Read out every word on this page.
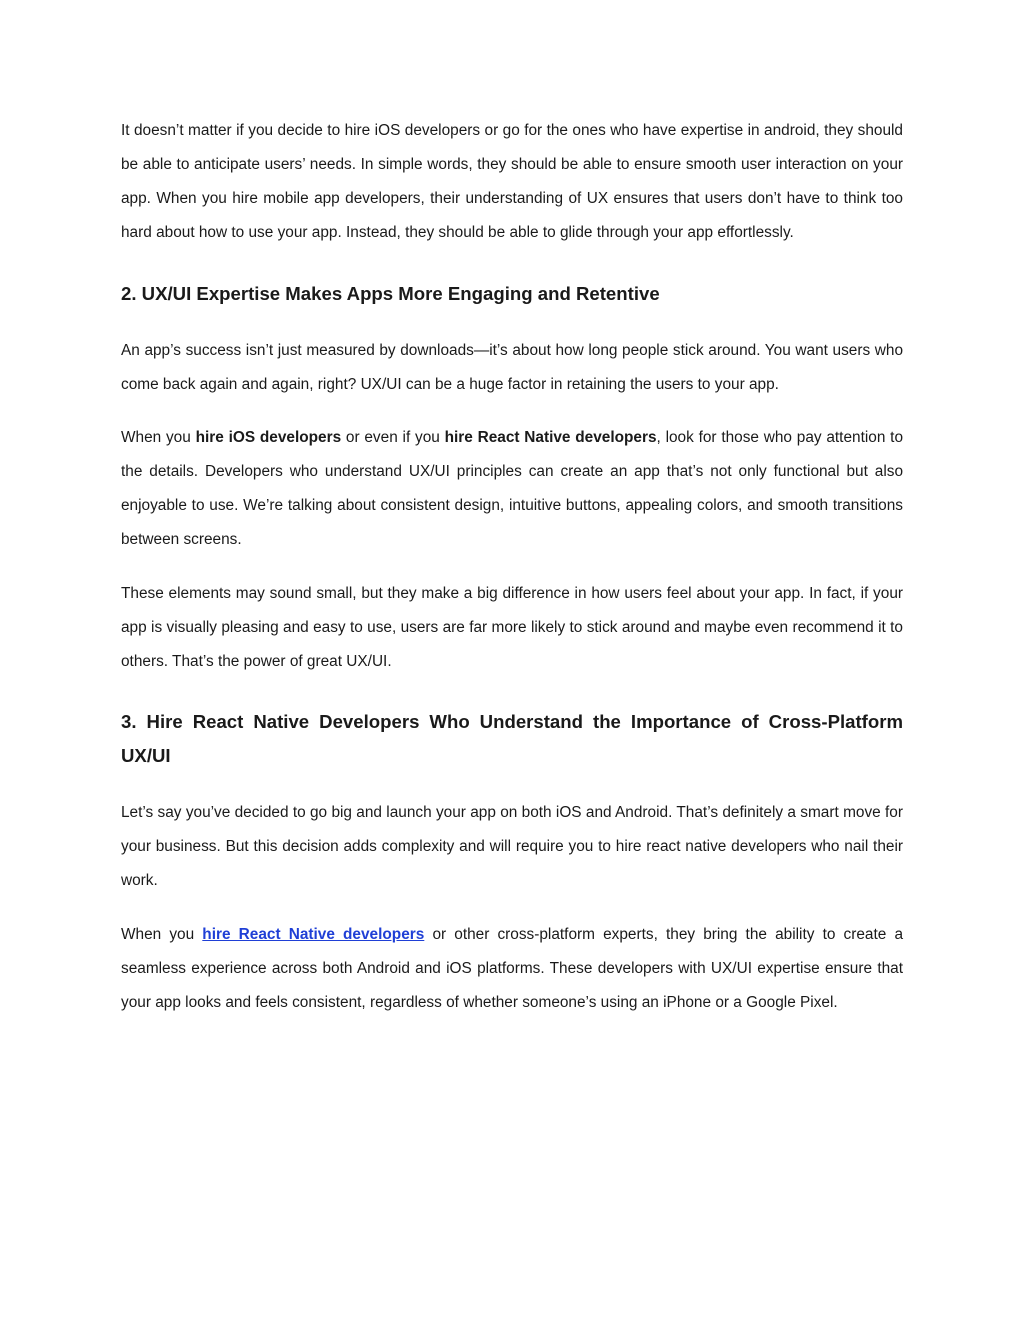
It doesn’t matter if you decide to hire iOS developers or go for the ones who have expertise in android, they should be able to anticipate users’ needs. In simple words, they should be able to ensure smooth user interaction on your app. When you hire mobile app developers, their understanding of UX ensures that users don’t have to think too hard about how to use your app. Instead, they should be able to glide through your app effortlessly.

2. UX/UI Expertise Makes Apps More Engaging and Retentive

An app’s success isn’t just measured by downloads—it’s about how long people stick around. You want users who come back again and again, right? UX/UI can be a huge factor in retaining the users to your app.

When you hire iOS developers or even if you hire React Native developers, look for those who pay attention to the details. Developers who understand UX/UI principles can create an app that’s not only functional but also enjoyable to use. We’re talking about consistent design, intuitive buttons, appealing colors, and smooth transitions between screens.

These elements may sound small, but they make a big difference in how users feel about your app. In fact, if your app is visually pleasing and easy to use, users are far more likely to stick around and maybe even recommend it to others. That’s the power of great UX/UI.

3. Hire React Native Developers Who Understand the Importance of Cross-Platform UX/UI

Let’s say you’ve decided to go big and launch your app on both iOS and Android. That’s definitely a smart move for your business. But this decision adds complexity and will require you to hire react native developers who nail their work.

When you hire React Native developers or other cross-platform experts, they bring the ability to create a seamless experience across both Android and iOS platforms. These developers with UX/UI expertise ensure that your app looks and feels consistent, regardless of whether someone’s using an iPhone or a Google Pixel.
